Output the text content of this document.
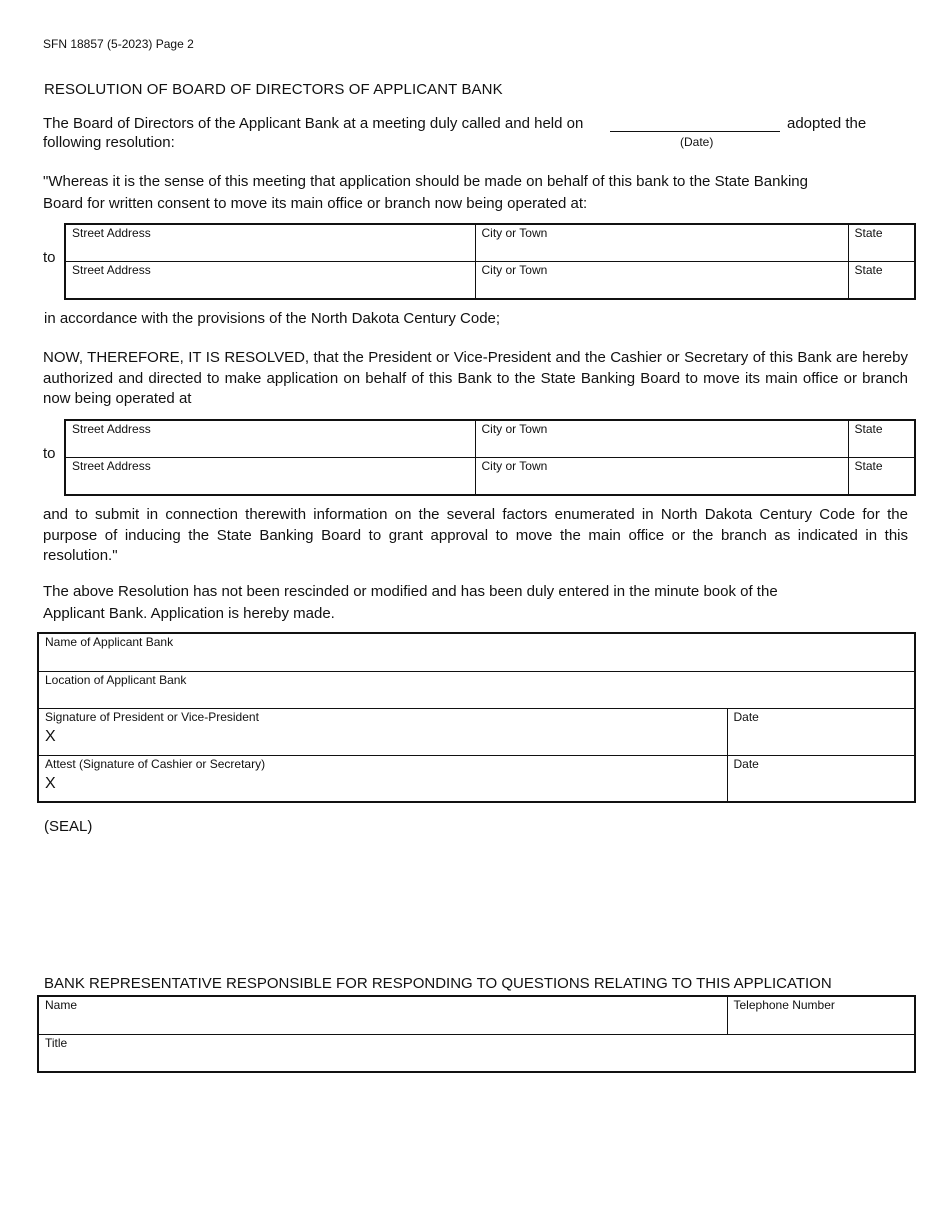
SFN 18857 (5-2023) Page 2
RESOLUTION OF BOARD OF DIRECTORS OF APPLICANT BANK
The Board of Directors of the Applicant Bank at a meeting duly called and held on	adopted the
following resolution:	(Date)
"Whereas it is the sense of this meeting that application should be made on behalf of this bank to the State Banking Board for written consent to move its main office or branch now being operated at:
to
Street Address	City or Town	State

Street Address	City or Town	State
in accordance with the provisions of the North Dakota Century Code;
NOW, THEREFORE, IT IS RESOLVED, that the President or Vice-President and the Cashier or Secretary of this Bank are hereby authorized and directed to make application on behalf of this Bank to the State Banking Board to move its main office or branch now being operated at
to
Street Address	City or Town	State

Street Address	City or Town	State
and to submit in connection therewith information on the several factors enumerated in North Dakota Century Code for the purpose of inducing the State Banking Board to grant approval to move the main office or the branch as indicated in this resolution."
The above Resolution has not been rescinded or modified and has been duly entered in the minute book of the
Applicant Bank. Application is hereby made.
Name of Applicant Bank	

Location of Applicant Bank	

Signature of President or Vice-President
X	Date

Attest (Signature of Cashier or Secretary)
X	Date
(SEAL)
BANK REPRESENTATIVE RESPONSIBLE FOR RESPONDING TO QUESTIONS RELATING TO THIS APPLICATION
Name	Telephone Number

Title
